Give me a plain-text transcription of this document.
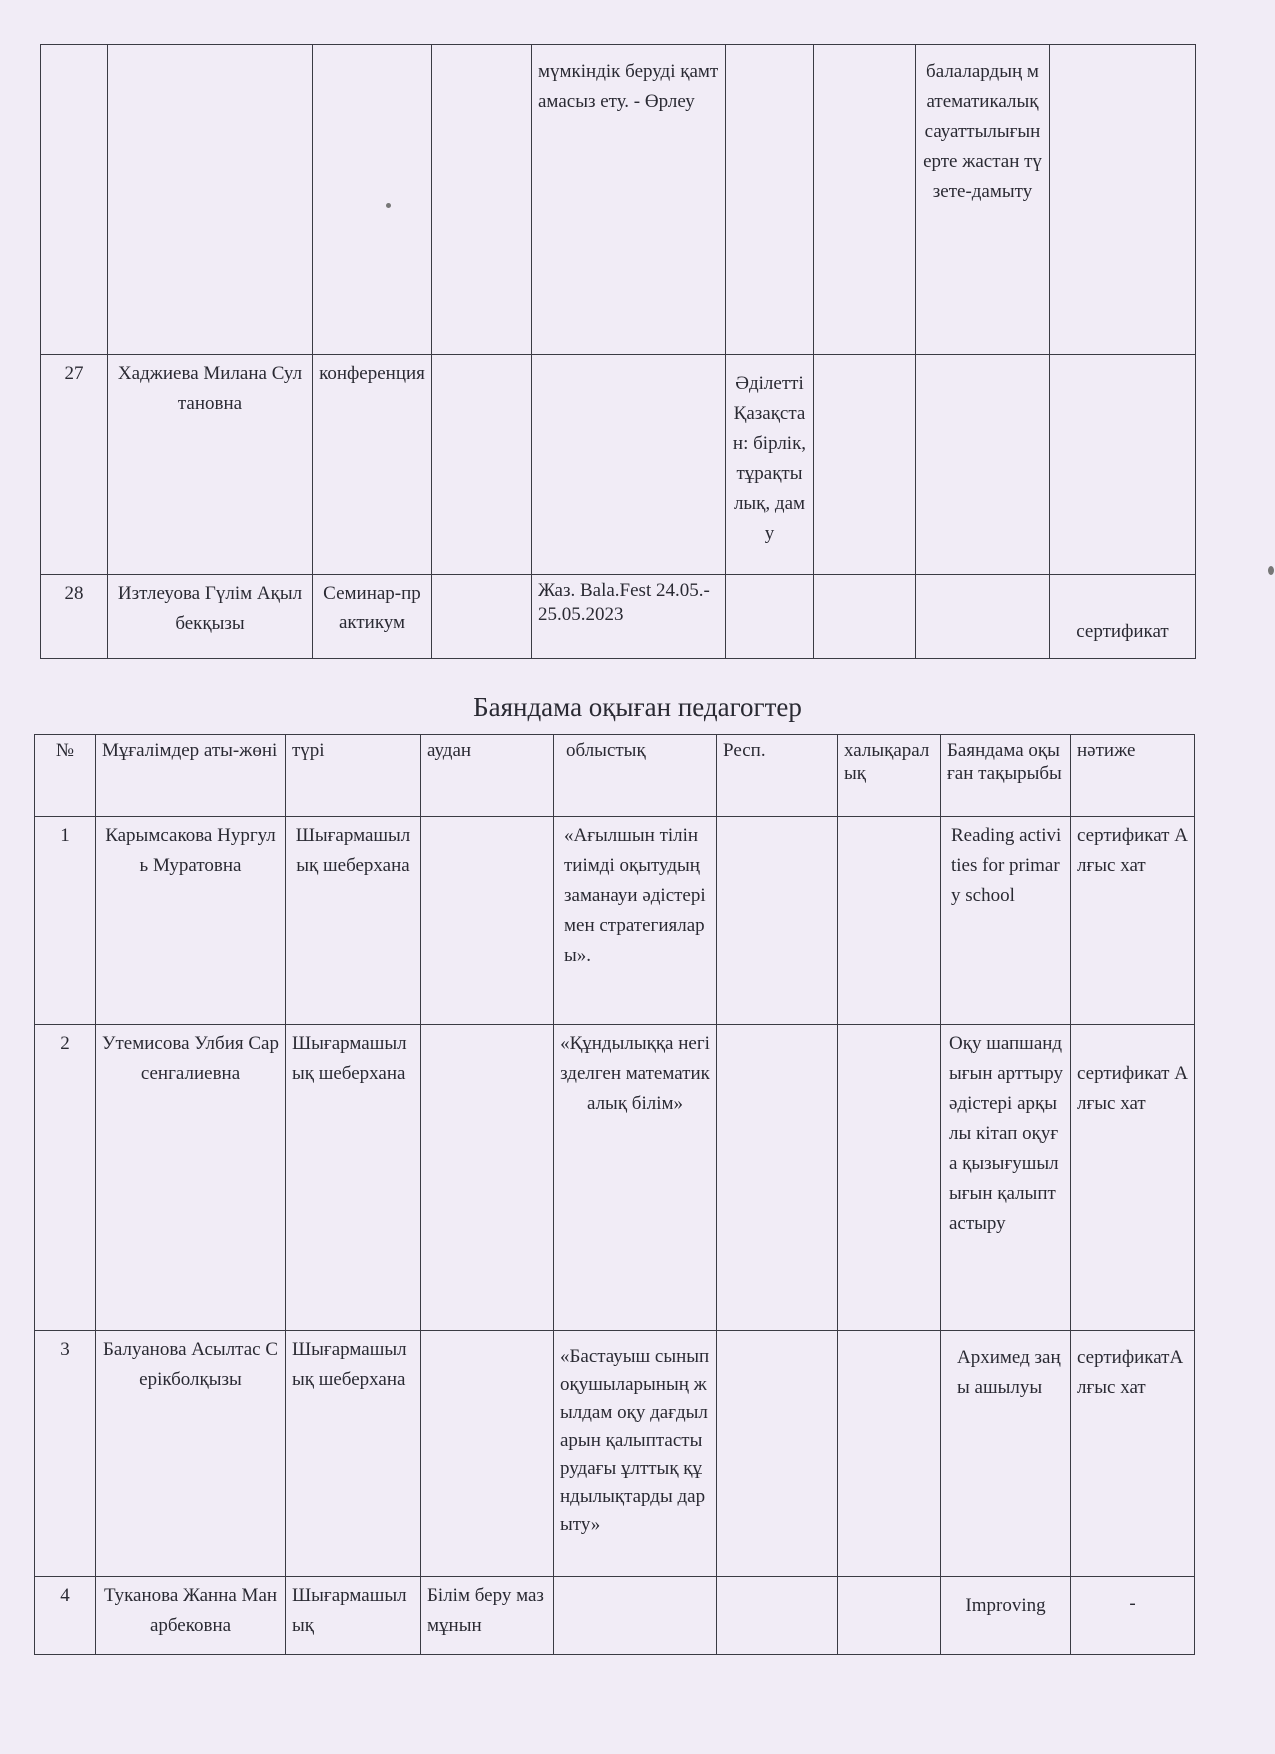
				мүмкіндік беруді қамтамасыз ету. - Өрлеу			балалардың математикалық сауаттылығын ерте жастан түзете-дамыту	
27	Хаджиева Милана Султановна	конференция			Әділетті Қазақстан: бірлік, тұрақтылық, даму			
28	Изтлеуова Гүлім Ақылбекқызы	Семинар-практикум		Жаз. Bala.Fest 24.05.-25.05.2023				сертификат
Баяндама оқыған педагогтер
№	Мұғалімдер аты-жөні	түрі	аудан	облыстық	Респ.	халықаралық	Баяндама оқыған тақырыбы	нәтиже
1	Карымсакова Нургуль Муратовна	Шығармашылық шеберхана		«Ағылшын тілін тиімді оқытудың заманауи әдістері мен стратегиялары».			Reading activities for primary school	сертификат Алғыс хат
2	Утемисова Улбия Сарсенгалиевна	Шығармашылық шеберхана		«Құндылыққа негізделген математикалық білім»			Оқу шапшандығын арттыру әдістері арқылы кітап оқуға қызығушылығын қалыптастыру	сертификат Алғыс хат
3	Балуанова Асылтас Серікболқызы	Шығармашылық шеберхана		«Бастауыш сынып оқушыларының жылдам оқу дағдыларын қалыптастырудағы ұлттық құндылықтарды дарыту»			Архимед заңы ашылуы	сертификатАлғыс хат
4	Туканова Жанна Манарбековна	Шығармашылық	Білім беру мазмұнын				Improving	-
